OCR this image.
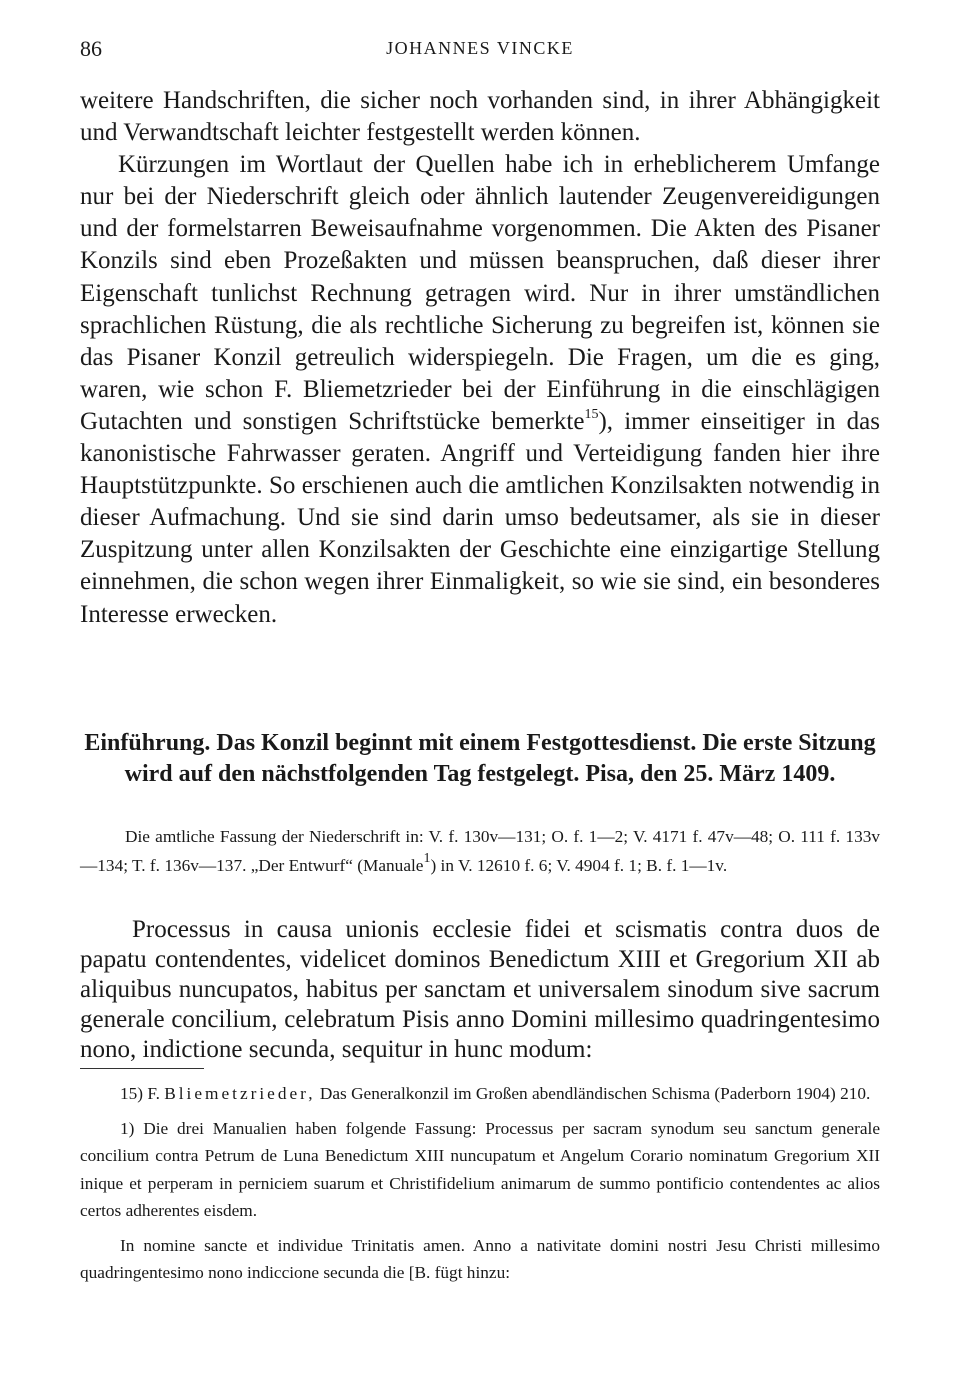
86	JOHANNES VINCKE

weitere Handschriften, die sicher noch vorhanden sind, in ihrer Abhängigkeit und Verwandtschaft leichter festgestellt werden können.

Kürzungen im Wortlaut der Quellen habe ich in erheblicherem Umfange nur bei der Niederschrift gleich oder ähnlich lautender Zeugenvereidigungen und der formelstarren Beweisaufnahme vorgenommen. Die Akten des Pisaner Konzils sind eben Prozeßakten und müssen beanspruchen, daß dieser ihrer Eigenschaft tunlichst Rechnung getragen wird. Nur in ihrer umständlichen sprachlichen Rüstung, die als rechtliche Sicherung zu begreifen ist, können sie das Pisaner Konzil getreulich widerspiegeln. Die Fragen, um die es ging, waren, wie schon F. Bliemetzrieder bei der Einführung in die einschlägigen Gutachten und sonstigen Schriftstücke bemerkte$^{15}$), immer einseitiger in das kanonistische Fahrwasser geraten. Angriff und Verteidigung fanden hier ihre Hauptstützpunkte. So erschienen auch die amtlichen Konzilsakten notwendig in dieser Aufmachung. Und sie sind darin umso bedeutsamer, als sie in dieser Zuspitzung unter allen Konzilsakten der Geschichte eine einzigartige Stellung einnehmen, die schon wegen ihrer Einmaligkeit, so wie sie sind, ein besonderes Interesse erwecken.

Einführung. Das Konzil beginnt mit einem Festgottesdienst. Die erste Sitzung wird auf den nächstfolgenden Tag festgelegt. Pisa, den 25. März 1409.

Die amtliche Fassung der Niederschrift in: V. f. 130v—131; O. f. 1—2; V. 4171 f. 47v—48; O. 111 f. 133v—134; T. f. 136v—137. „Der Entwurf“ (Manuale$^1$) in V. 12610 f. 6; V. 4904 f. 1; B. f. 1—1v.

Processus in causa unionis ecclesie fidei et scismatis contra duos de papatu contendentes, videlicet dominos Benedictum XIII et Gregorium XII ab aliquibus nuncupatos, habitus per sanctam et universalem sinodum sive sacrum generale concilium, celebratum Pisis anno Domini millesimo quadringentesimo nono, indictione secunda, sequitur in hunc modum:

15) F. Bliemetzrieder, Das Generalkonzil im Großen abendländischen Schisma (Paderborn 1904) 210.

1) Die drei Manualien haben folgende Fassung: Processus per sacram synodum seu sanctum generale concilium contra Petrum de Luna Benedictum XIII nuncupatum et Angelum Corario nominatum Gregorium XII inique et perperam in perniciem suarum et Christifidelium animarum de summo pontificio contendentes ac alios certos adherentes eisdem.

In nomine sancte et individue Trinitatis amen. Anno a nativitate domini nostri Jesu Christi millesimo quadringentesimo nono indiccione secunda die [B. fügt hinzu:
